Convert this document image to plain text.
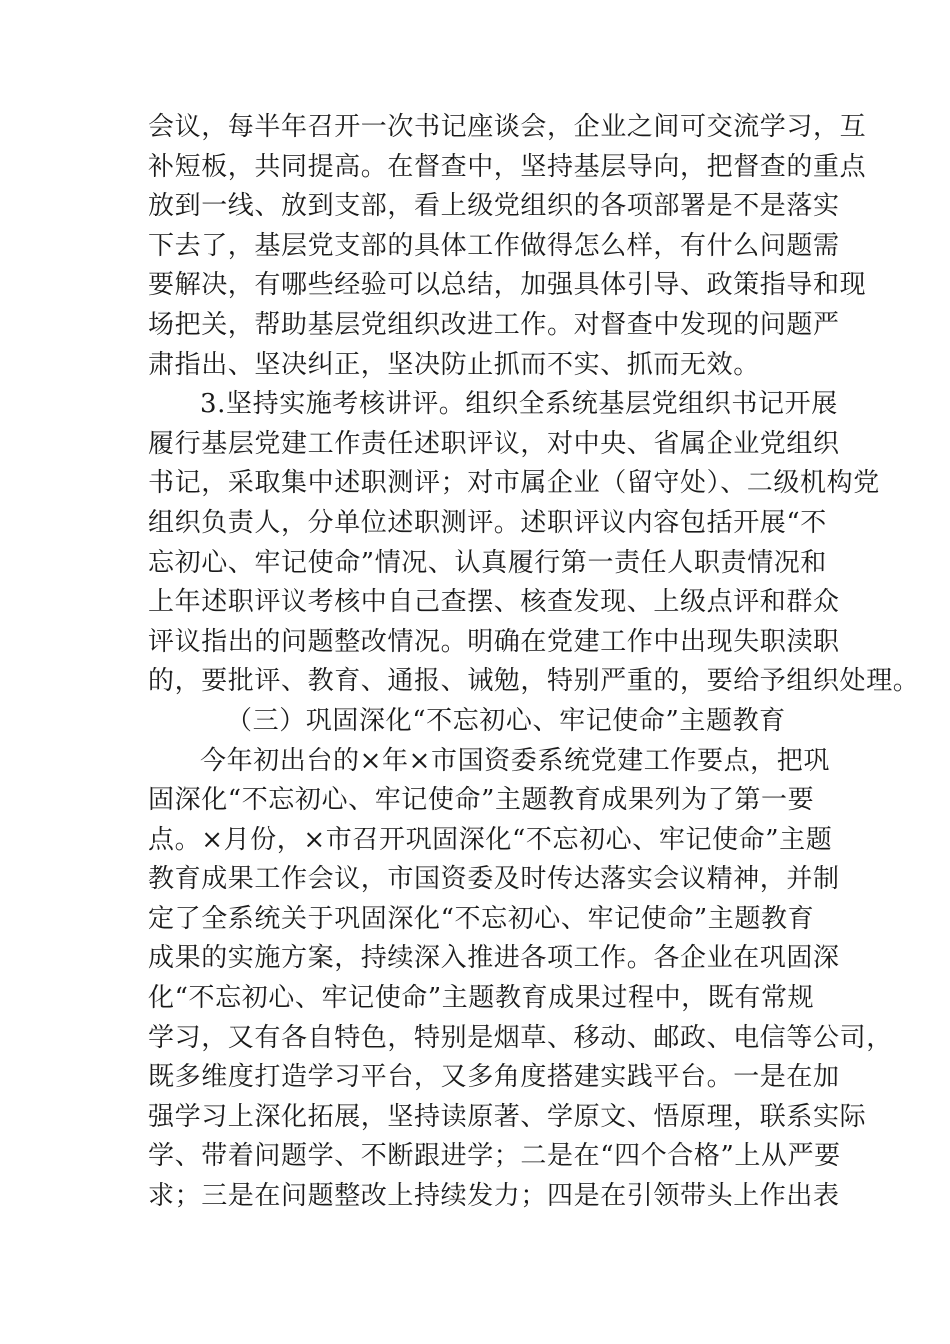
会议，每半年召开一次书记座谈会，企业之间可交流学习，互
补短板，共同提高。在督查中，坚持基层导向，把督查的重点
放到一线、放到支部，看上级党组织的各项部署是不是落实
下去了，基层党支部的具体工作做得怎么样，有什么问题需
要解决，有哪些经验可以总结，加强具体引导、政策指导和现
场把关，帮助基层党组织改进工作。对督查中发现的问题严
肃指出、坚决纠正，坚决防止抓而不实、抓而无效。

3.坚持实施考核讲评。组织全系统基层党组织书记开展
履行基层党建工作责任述职评议，对中央、省属企业党组织
书记，采取集中述职测评；对市属企业（留守处）、二级机构党
组织负责人，分单位述职测评。述职评议内容包括开展“不
忘初心、牢记使命”情况、认真履行第一责任人职责情况和
上年述职评议考核中自己查摆、核查发现、上级点评和群众
评议指出的问题整改情况。明确在党建工作中出现失职渎职
的，要批评、教育、通报、诫勉，特别严重的，要给予组织处理。

（三）巩固深化“不忘初心、牢记使命”主题教育

今年初出台的×年×市国资委系统党建工作要点，把巩
固深化“不忘初心、牢记使命”主题教育成果列为了第一要
点。×月份，×市召开巩固深化“不忘初心、牢记使命”主题
教育成果工作会议，市国资委及时传达落实会议精神，并制
定了全系统关于巩固深化“不忘初心、牢记使命”主题教育
成果的实施方案，持续深入推进各项工作。各企业在巩固深
化“不忘初心、牢记使命”主题教育成果过程中，既有常规
学习，又有各自特色，特别是烟草、移动、邮政、电信等公司，
既多维度打造学习平台，又多角度搭建实践平台。一是在加
强学习上深化拓展，坚持读原著、学原文、悟原理，联系实际
学、带着问题学、不断跟进学；二是在“四个合格”上从严要
求；三是在问题整改上持续发力；四是在引领带头上作出表
